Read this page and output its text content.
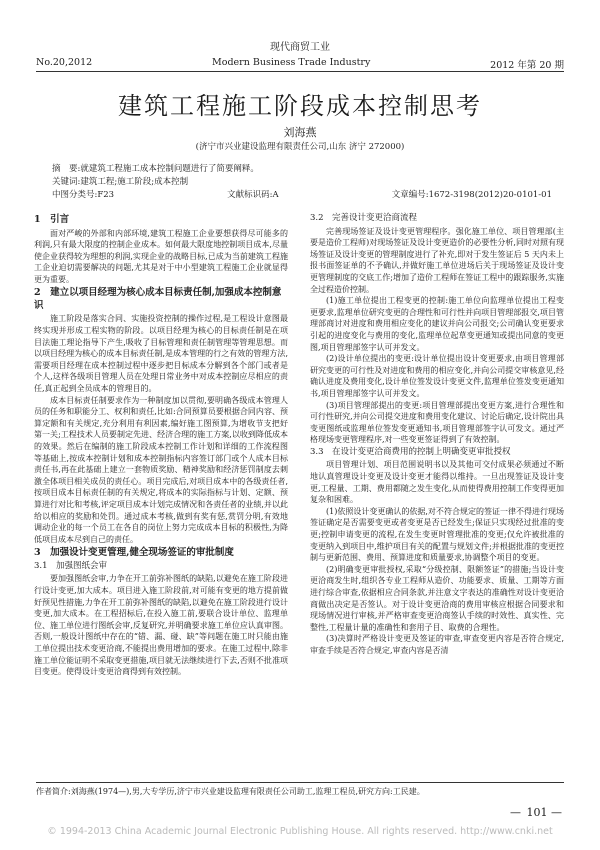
现代商贸工业
No.20,2012	Modern Business Trade Industry	2012 年第 20 期
建筑工程施工阶段成本控制思考
刘海燕
(济宁市兴业建设监理有限责任公司,山东 济宁 272000)
摘　要:就建筑工程施工成本控制问题进行了简要阐释。
关键词:建筑工程;施工阶段;成本控制
中图分类号:F23	文献标识码:A	文章编号:1672-3198(2012)20-0101-01
1　引言

面对严峻的外部和内部环境,建筑工程施工企业要想获得尽可能多的利润,只有最大限度的控制企业成本。如何最大限度地控制项目成本,尽量使企业获得较为理想的利润,实现企业的战略目标,已成为当前建筑工程施工企业迫切需要解决的问题,尤其是对于中小型建筑工程施工企业就显得更为重要。

2　建立以项目经理为核心成本目标责任制,加强成本控制意识

施工阶段是落实合同、实施投资控制的操作过程,是工程设计意图最终实现并形成工程实物的阶段。以项目经理为核心的目标责任制是在项目法施工理论指导下产生,吸收了目标管理和责任制管理等管理思想。而以项目经理为核心的成本目标责任制,是成本管理的行之有效的管理方法,需要项目经理在成本控制过程中逐步把目标成本分解到各个部门或者是个人,这样各级项目管理人员在处理日常业务中对成本控制应尽相应的责任,真正起到全员成本的管理目的。

成本目标责任制要求作为一种制度加以贯彻,要明确各级成本管理人员的任务和职能分工、权利和责任,比如:合同预算员要根据合同内容、预算定额和有关规定,充分利用有利因素,编好施工图预算,为增收节支把好第一关;工程技术人员要制定先进、经济合理的施工方案,以收到降低成本的效果。然后在编制的施工阶段成本控制工作计划和详细的工作流程图等基础上,按成本控制计划和成本控制指标内容签订部门或个人成本目标责任书,再在此基础上建立一套物质奖励、精神奖励和经济惩罚制度去刺激全体项目相关成员的责任心。项目完成后,对项目成本中的各级责任者,按项目成本目标责任制的有关规定,将成本的实际指标与计划、定额、预算进行对比和考核,评定项目成本计划完成情况和各责任者的业绩,并以此给以相应的奖励和处罚。通过成本考核,做到有奖有惩,赏罚分明,有效地调动企业的每一个员工在各自的岗位上努力完成成本目标的积极性,为降低项目成本尽到自己的责任。

3　加强设计变更管理,健全现场签证的审批制度
3.1　加强图纸会审

要加强图纸会审,力争在开工前弥补图纸的缺陷,以避免在施工阶段进行设计变更,加大成本。项目进入施工阶段前,对可能有变更的地方提前做好预见性措施,力争在开工前弥补图纸的缺陷,以避免在施工阶段进行设计变更,加大成本。在工程招标后,在投入施工前,要联合设计单位、监理单位、施工单位进行图纸会审,反复研究,并明确要求施工单位应认真审图。否则,一般设计图纸中存在的“错、漏、碰、缺”等问题在施工时只能由施工单位提出技术变更洽商,不能提出费用增加的要求。在施工过程中,除非施工单位能证明不采取变更措施,项目就无法继续进行下去,否则不批准项目变更。使得设计变更洽商得到有效控制。

3.2　完善设计变更洽商流程

完善现场签证及设计变更管理程序。强化施工单位、项目管理部(主要是造价工程师)对现场签证及设计变更造价的必要性分析,同时对照有现场签证及设计变更的管理制度进行了补充,即对于发生签证后 5 天内未上报书面签证单的不予确认,并做好施工单位进场后关于现场签证及设计变更管理制度的交底工作;增加了造价工程师在签证工程中的跟踪服务,实施全过程造价控制。

(1)施工单位提出工程变更的控制:施工单位向监理单位提出工程变更要求,监理单位研究变更的合理性和可行性并向项目管理部报交,项目管理部商讨对进度和费用相应变化的建议并向公司报交;公司确认变更要求引起的进度变化与费用的变化,监理单位起草变更通知或提出同意的变更图,项目管理部签字认可并发文。

(2)设计单位提出的变更:设计单位提出设计变更要求,由项目管理部研究变更的可行性及对进度和费用的相应变化,并向公司提交审核意见,经确认进度及费用变化,设计单位签发设计变更文件,监理单位签发变更通知书,项目管理部签字认可并发文。

(3)项目管理部提出的变更:项目管理部提出变更方案,进行合理性和可行性研究,并向公司提交进度和费用变化建议、讨论后确定,设计院出具变更图纸或监理单位签发变更通知书,项目管理部签字认可发文。通过严格现场变更管理程序,对一些变更签证得到了有效控制。

3.3　在设计变更洽商费用的控制上明确变更审批授权

项目管理计划、项目范围说明书以及其他可交付成果必须通过不断地认真管理设计变更及设计变更才能得以维持。一旦出现签证及设计变更,工程量、工期、费用都随之发生变化,从而使得费用控制工作变得更加复杂和困难。

(1)依照设计变更确认的依据,对不符合规定的签证一律不得进行现场签证确定是否需要变更或者变更是否已经发生;保证只实现经过批准的变更;控制申请变更的流程,在发生变更时管理批准的变更;仅允许被批准的变更纳入到项目中,维护项目有关的配置与规划文件;并根据批准的变更控制与更新范围、费用、预算进度和质量要求,协调整个项目的变更。

(2)明确变更审批授权,采取“分级控制、限额签证”的措施;当设计变更洽商发生时,组织各专业工程师从造价、功能要求、质量、工期等方面进行综合审查,依据相应合同条款,并注意文字表达的准确性对设计变更洽商做出决定是否签认。对于设计变更洽商的费用审核应根据合同要求和现场情况进行审核,并严格审查变更洽商签认手续的时效性、真实性、完整性,工程量计量的准确性和套用子目、取费的合理性。

(3)决算时严格设计变更及签证的审查,审查变更内容是否符合规定,审查手续是否符合规定,审查内容是否清

作者简介:刘海燕(1974—),男,大专学历,济宁市兴业建设监理有限责任公司助工,监理工程员,研究方向:工民建。
— 101 —
© 1994-2013 China Academic Journal Electronic Publishing House. All rights reserved. http://www.cnki.net
